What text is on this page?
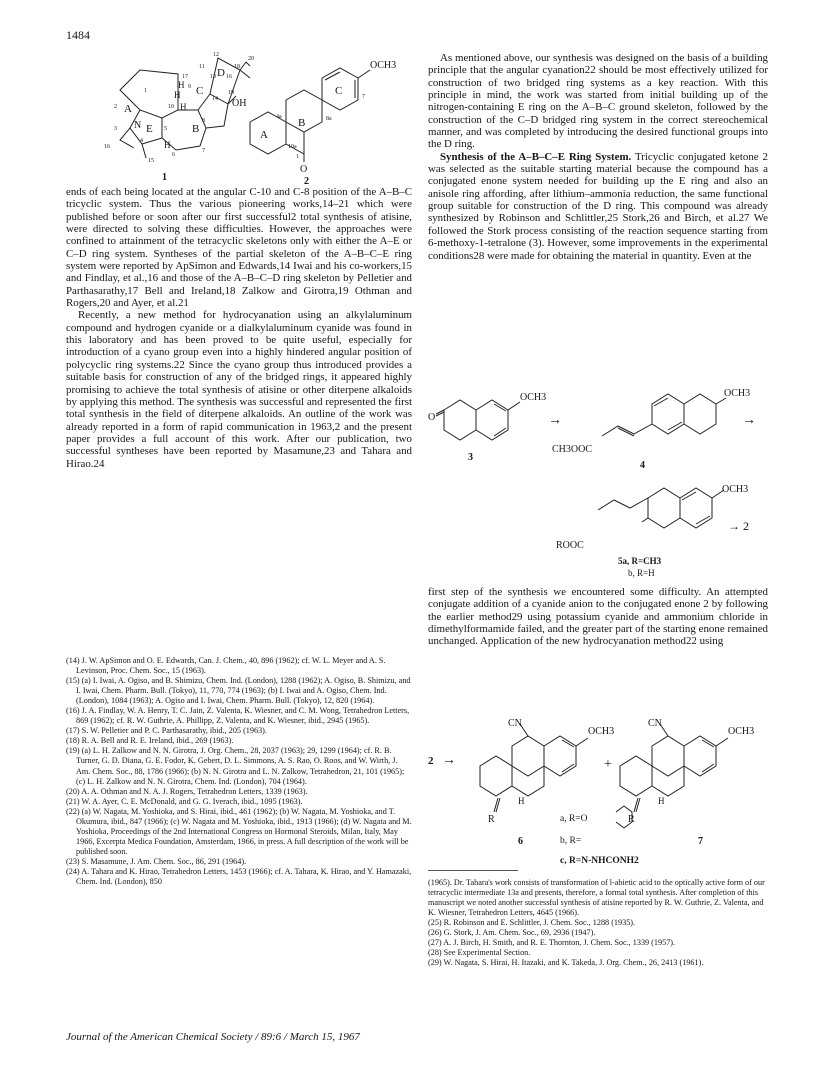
1484
12
20
18
16
13 D
17
11
9 C
14
19
OH
H
2 A
1
N E
10 H
B
5
8
3
4
6
7
15
16	H
H
1
OCH3
C	7
4a	8a
A
B
1
10a
O
2

ends of each being located at the angular C-10 and C-8 position of the A–B–C tricyclic system. Thus the various pioneering works,14–21 which were published before or soon after our first successful2 total synthesis of atisine, were directed to solving these difficulties. However, the approaches were confined to attainment of the tetracyclic skeletons only with either the A–E or C–D ring system. Syntheses of the partial skeleton of the A–B–C–E ring system were reported by ApSimon and Edwards,14 Iwai and his co-workers,15 and Findlay, et al.,16 and those of the A–B–C–D ring skeleton by Pelletier and Parthasarathy,17 Bell and Ireland,18 Zalkow and Girotra,19 Othman and Rogers,20 and Ayer, et al.21

Recently, a new method for hydrocyanation using an alkylaluminum compound and hydrogen cyanide or a dialkylaluminum cyanide was found in this laboratory and has been proved to be quite useful, especially for introduction of a cyano group even into a highly hindered angular position of polycyclic ring systems.22 Since the cyano group thus introduced provides a suitable basis for construction of any of the bridged rings, it appeared highly promising to achieve the total synthesis of atisine or other diterpene alkaloids by applying this method. The synthesis was successful and represented the first total synthesis in the field of diterpene alkaloids. An outline of the work was already reported in a form of rapid communication in 1963,2 and the present paper provides a full account of this work. After our publication, two successful syntheses have been reported by Masamune,23 and Tahara and Hirao.24

(14) J. W. ApSimon and O. E. Edwards, Can. J. Chem., 40, 896 (1962); cf. W. L. Meyer and A. S. Levinson, Proc. Chem. Soc., 15 (1963).

(15) (a) I. Iwai, A. Ogiso, and B. Shimizu, Chem. Ind. (London), 1288 (1962); A. Ogiso, B. Shimizu, and I. Iwai, Chem. Pharm. Bull. (Tokyo), 11, 770, 774 (1963); (b) I. Iwai and A. Ogiso, Chem. Ind. (London), 1084 (1963); A. Ogiso and I. Iwai, Chem. Pharm. Bull. (Tokyo), 12, 820 (1964).

(16) J. A. Findlay, W. A. Henry, T. C. Jain, Z. Valenta, K. Wiesner, and C. M. Wong, Tetrahedron Letters, 869 (1962); cf. R. W. Guthrie, A. Phillipp, Z. Valenta, and K. Wiesner, ibid., 2945 (1965).

(17) S. W. Pelletier and P. C. Parthasarathy, ibid., 205 (1963).

(18) R. A. Bell and R. E. Ireland, ibid., 269 (1963).

(19) (a) L. H. Zalkow and N. N. Girotra, J. Org. Chem., 28, 2037 (1963); 29, 1299 (1964); cf. R. B. Turner, G. D. Diana, G. E. Fodor, K. Gebert, D. L. Simmons, A. S. Rao, O. Roos, and W. Wirth, J. Am. Chem. Soc., 88, 1786 (1966); (b) N. N. Girotra and L. N. Zalkow, Tetrahedron, 21, 101 (1965); (c) L. H. Zalkow and N. N. Girotra, Chem. Ind. (London), 704 (1964).

(20) A. A. Othman and N. A. J. Rogers, Tetrahedron Letters, 1339 (1963).

(21) W. A. Ayer, C. E. McDonald, and G. G. Iverach, ibid., 1095 (1963).

(22) (a) W. Nagata, M. Yoshioka, and S. Hirai, ibid., 461 (1962); (b) W. Nagata, M. Yoshioka, and T. Okumura, ibid., 847 (1966); (c) W. Nagata and M. Yoshioka, ibid., 1913 (1966); (d) W. Nagata and M. Yoshioka, Proceedings of the 2nd International Congress on Hormonal Steroids, Milan, Italy, May 1966, Excerpta Medica Foundation, Amsterdam, 1966, in press. A full description of the work will be published soon.

(23) S. Masamune, J. Am. Chem. Soc., 86, 291 (1964).

(24) A. Tahara and K. Hirao, Tetrahedron Letters, 1453 (1966); cf. A. Tahara, K. Hirao, and Y. Hamazaki, Chem. Ind. (London), 850

As mentioned above, our synthesis was designed on the basis of a building principle that the angular cyanation22 should be most effectively utilized for construction of two bridged ring systems as a key reaction. With this principle in mind, the work was started from initial building up of the nitrogen-containing E ring on the A–B–C ground skeleton, followed by the construction of the C–D bridged ring system in the correct stereochemical manner, and was completed by introducing the desired functional groups into the D ring.

Synthesis of the A–B–C–E Ring System. Tricyclic conjugated ketone 2 was selected as the suitable starting material because the compound has a conjugated enone system needed for building up the E ring and also an anisole ring affording, after lithium–ammonia reduction, the same functional group suitable for construction of the D ring. This compound was already synthesized by Robinson and Schlittler,25 Stork,26 and Birch, et al.27 We followed the Stork process consisting of the reaction sequence starting from 6-methoxy-1-tetralone (3). However, some improvements in the experimental conditions28 were made for obtaining the material in quantity. Even at the

OCH3
O
3
→
OCH3
CH3OOC
4
→
OCH3
→ 2
ROOC
5a, R=CH3
b, R=H

first step of the synthesis we encountered some difficulty. An attempted conjugate addition of a cyanide anion to the conjugated enone 2 by following the earlier method29 using potassium cyanide and ammonium chloride in dimethylformamide failed, and the greater part of the starting enone remained unchanged. Application of the new hydrocyanation method22 using

2 →
CN
OCH3
R
H
6
+
CN
OCH3
R
H
7
a, R=O
b, R=
c, R=N-NHCONH2

(1965). Dr. Tahara's work consists of transformation of l-abietic acid to the optically active form of our tetracyclic intermediate 13a and presents, therefore, a formal total synthesis. After completion of this manuscript we noted another successful synthesis of atisine reported by R. W. Guthrie, Z. Valenta, and K. Wiesner, Tetrahedron Letters, 4645 (1966).

(25) R. Robinson and E. Schlittler, J. Chem. Soc., 1288 (1935).

(26) G. Stork, J. Am. Chem. Soc., 69, 2936 (1947).

(27) A. J. Birch, H. Smith, and R. E. Thornton, J. Chem. Soc., 1339 (1957).

(28) See Experimental Section.

(29) W. Nagata, S. Hirai, H. Itazaki, and K. Takeda, J. Org. Chem., 26, 2413 (1961).

Journal of the American Chemical Society / 89:6 / March 15, 1967
